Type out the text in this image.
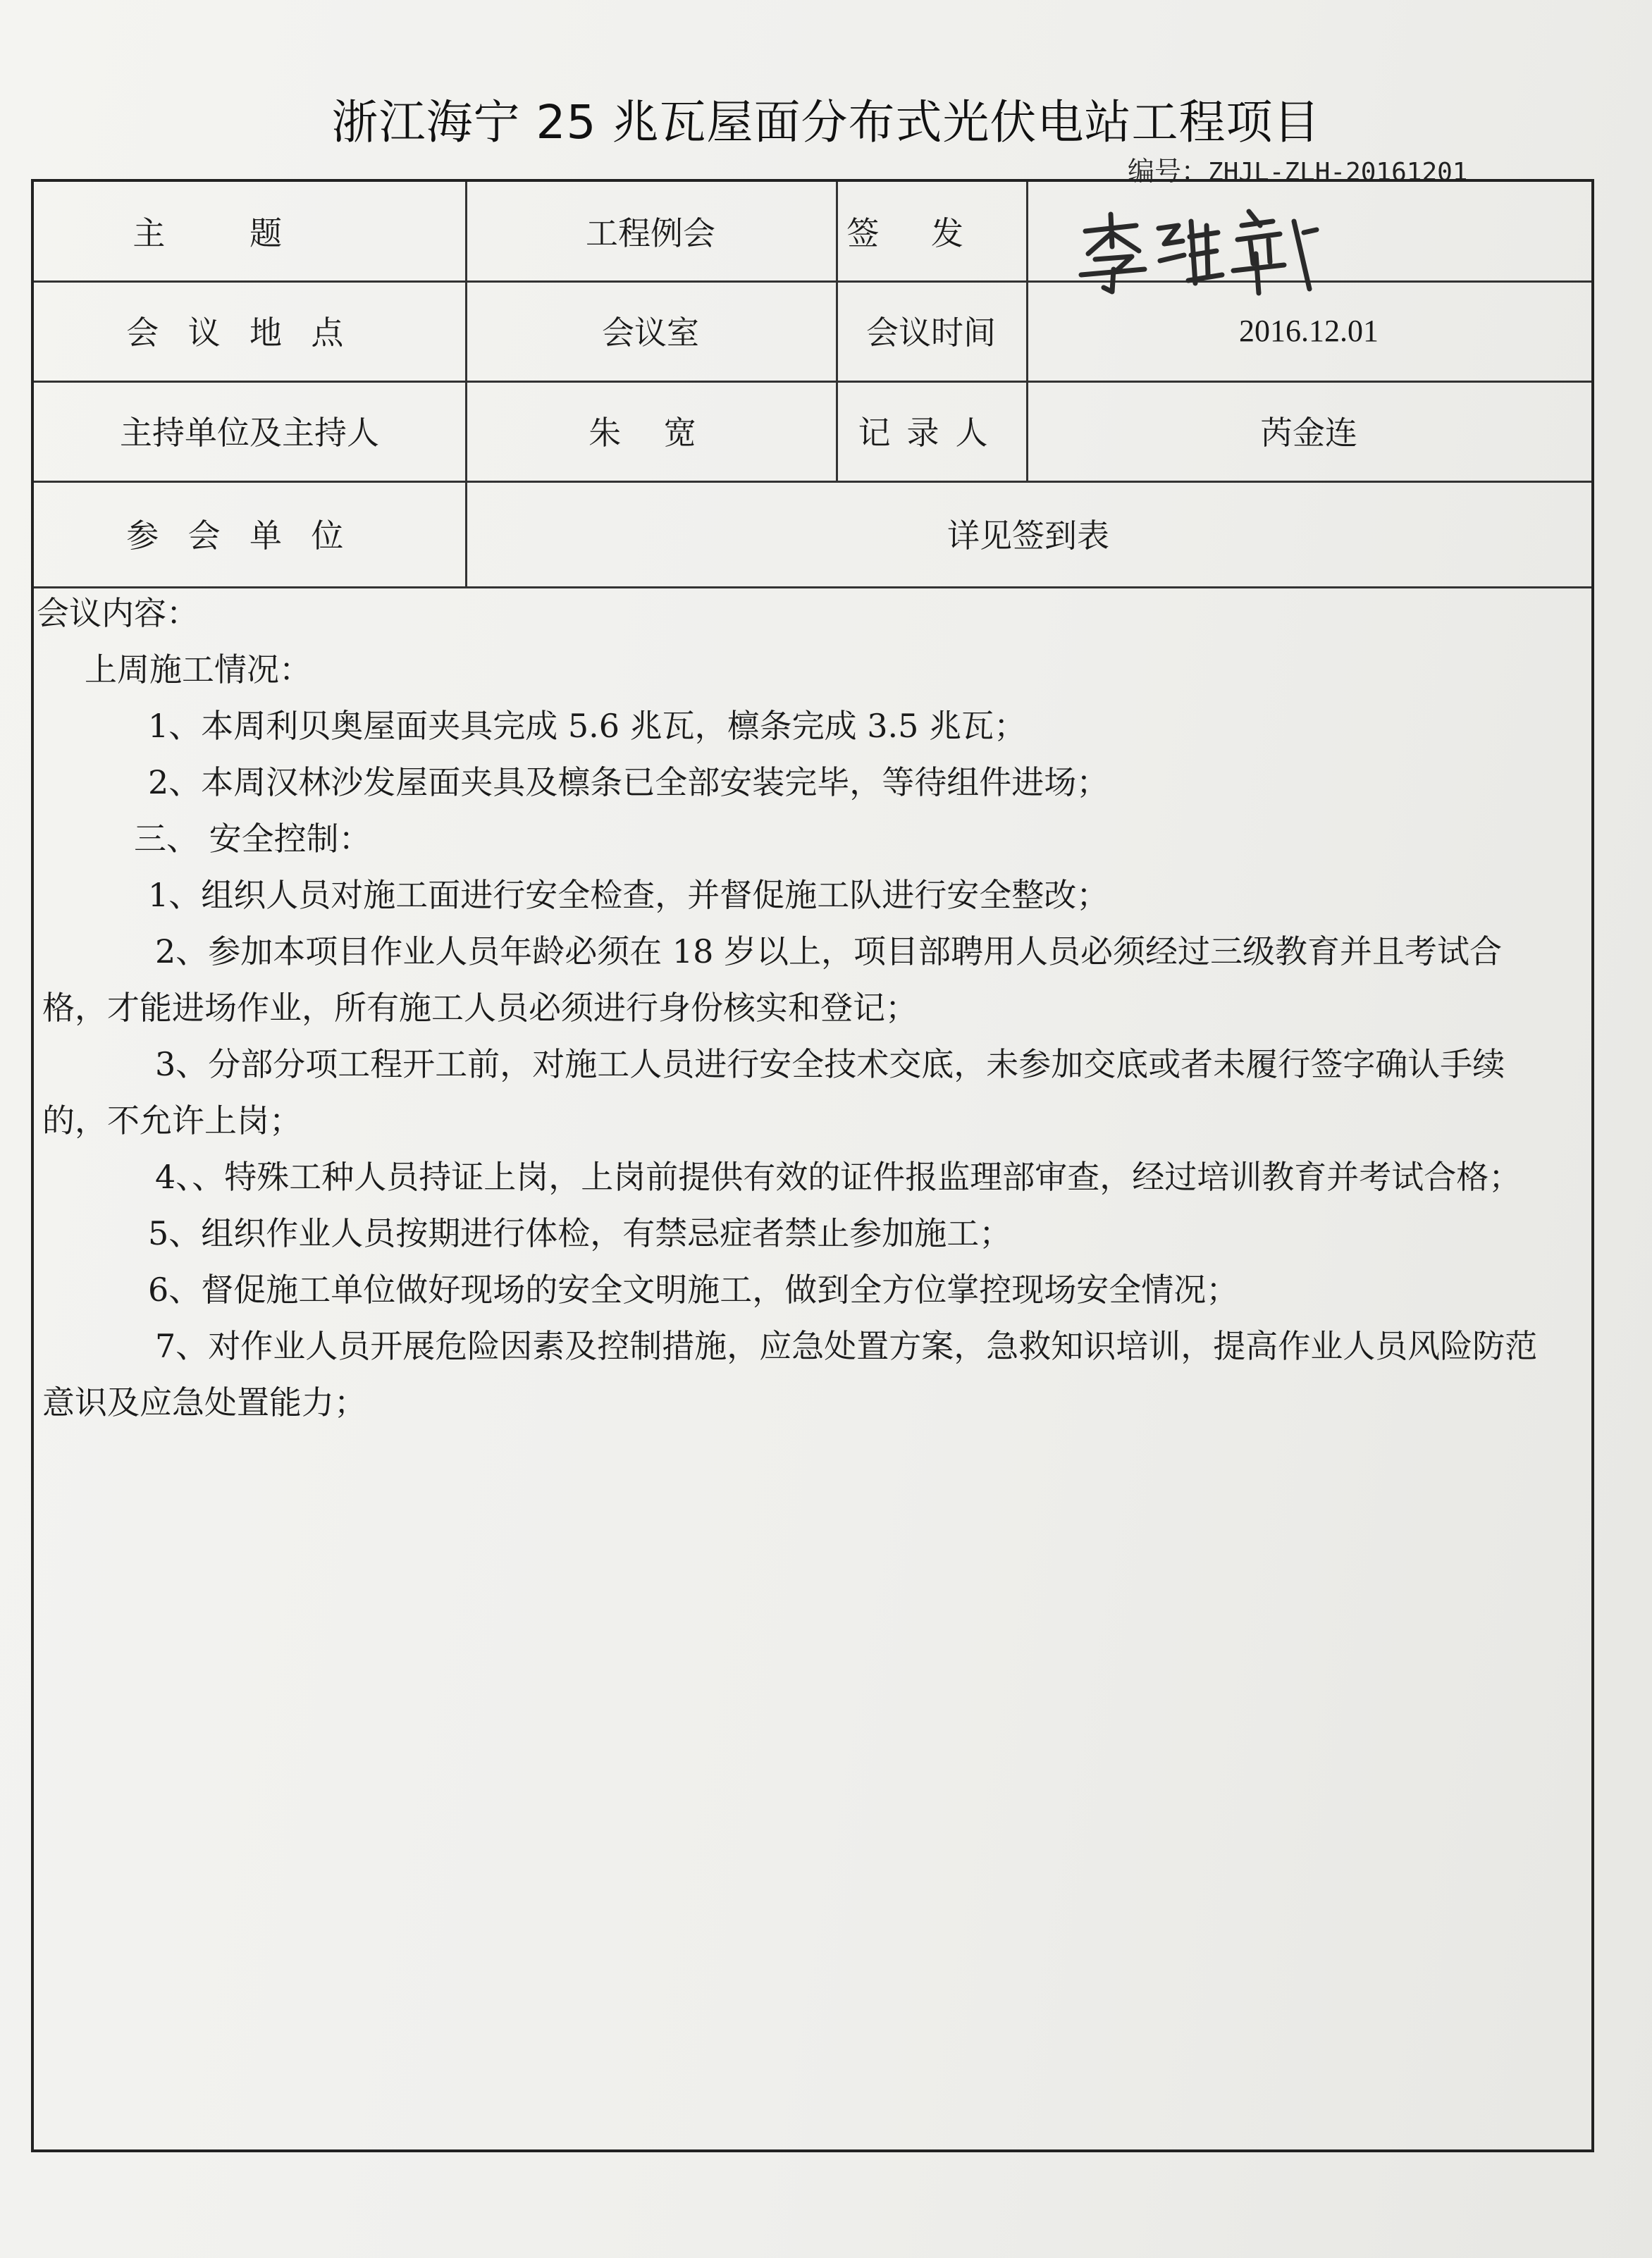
浙江海宁 25 兆瓦屋面分布式光伏电站工程项目
编号：ZHJL-ZLH-20161201
主题	工程例会	签发
会议地点	会议室	会议时间	2016.12.01
主持单位及主持人	朱 宽	记录人	芮金连
参会单位	详见签到表

会议内容：

上周施工情况：

1、本周利贝奥屋面夹具完成 5.6 兆瓦，檩条完成 3.5 兆瓦；

2、本周汉林沙发屋面夹具及檩条已全部安装完毕，等待组件进场；

三、 安全控制：

1、组织人员对施工面进行安全检查，并督促施工队进行安全整改；

2、参加本项目作业人员年龄必须在 18 岁以上，项目部聘用人员必须经过三级教育并且考试合格，才能进场作业，所有施工人员必须进行身份核实和登记；

3、分部分项工程开工前，对施工人员进行安全技术交底，未参加交底或者未履行签字确认手续的，不允许上岗；

4、、特殊工种人员持证上岗，上岗前提供有效的证件报监理部审查，经过培训教育并考试合格；

5、组织作业人员按期进行体检，有禁忌症者禁止参加施工；

6、督促施工单位做好现场的安全文明施工，做到全方位掌控现场安全情况；

7、对作业人员开展危险因素及控制措施，应急处置方案，急救知识培训，提高作业人员风险防范意识及应急处置能力；
